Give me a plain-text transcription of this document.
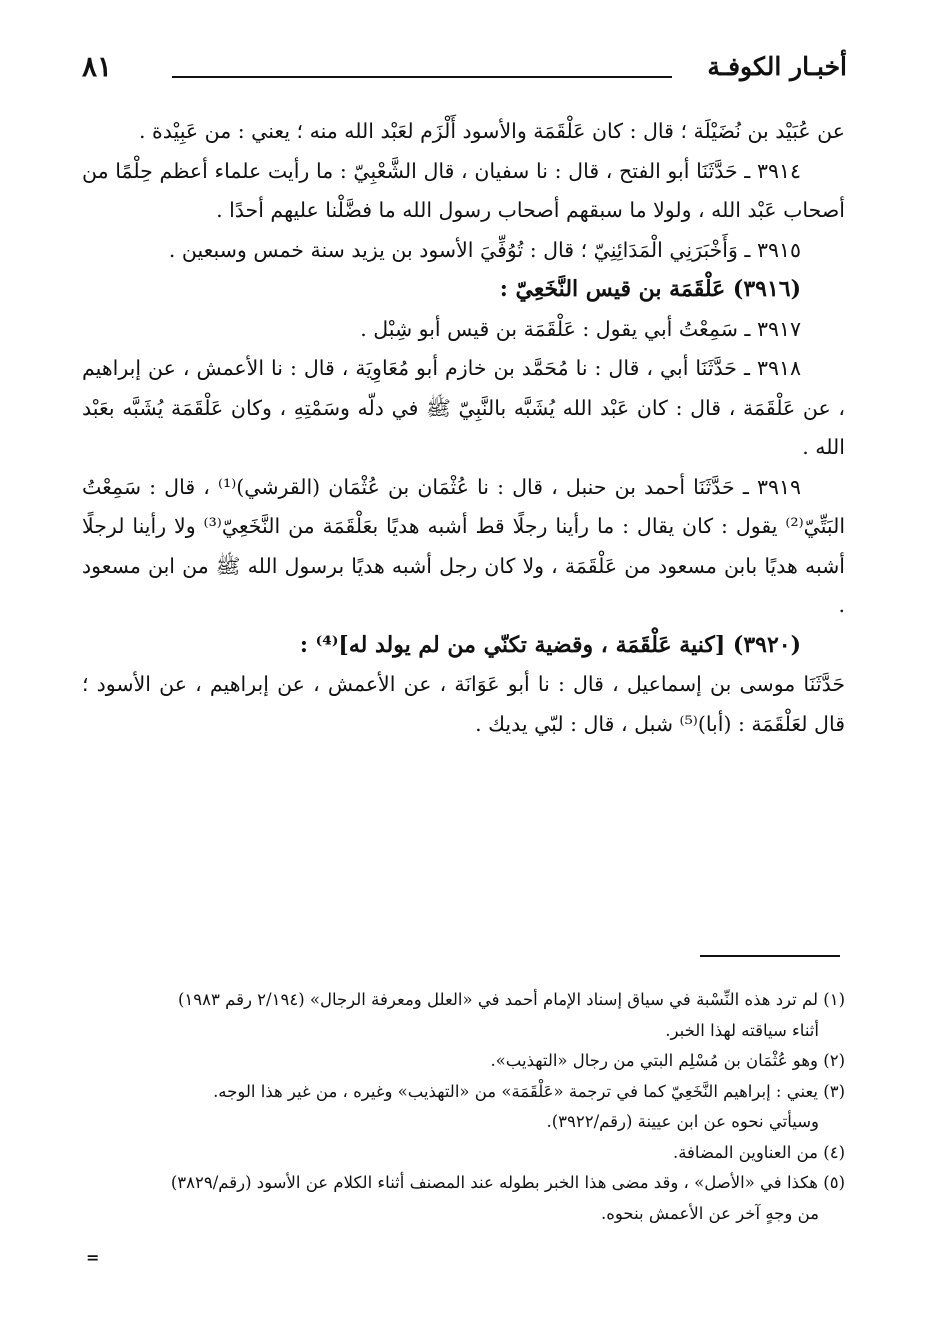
أخبـار الكوفـة
٨١

عن عُبَيْد بن نُضَيْلَة ؛ قال : كان عَلْقَمَة والأسود أَلْزَم لعَبْد الله منه ؛ يعني : من عَبِيْدة .

٣٩١٤ ـ حَدَّثَنَا أبو الفتح ، قال : نا سفيان ، قال الشَّعْبِيّ : ما رأيت علماء أعظم حِلْمًا من أصحاب عَبْد الله ، ولولا ما سبقهم أصحاب رسول الله ما فضَّلْنا عليهم أحدًا .

٣٩١٥ ـ وَأَخْبَرَنِي الْمَدَائِنِيّ ؛ قال : تُوُفِّيَ الأسود بن يزيد سنة خمس وسبعين .

(٣٩١٦) عَلْقَمَة بن قيس النَّخَعِيّ :

٣٩١٧ ـ سَمِعْتُ أبي يقول : عَلْقَمَة بن قيس أبو شِبْل .

٣٩١٨ ـ حَدَّثَنَا أبي ، قال : نا مُحَمَّد بن خازم أبو مُعَاوِيَة ، قال : نا الأعمش ، عن إبراهيم ، عن عَلْقَمَة ، قال : كان عَبْد الله يُشَبَّه بالنَّبِيّ ﷺ في دلّه وسَمْتِهِ ، وكان عَلْقَمَة يُشَبَّه بعَبْد الله .

٣٩١٩ ـ حَدَّثَنَا أحمد بن حنبل ، قال : نا عُثْمَان بن عُثْمَان (القرشي)⁽¹⁾ ، قال : سَمِعْتُ البَتِّيّ⁽²⁾ يقول : كان يقال : ما رأينا رجلًا قط أشبه هديًا بعَلْقَمَة من النَّخَعِيّ⁽³⁾ ولا رأينا لرجلًا أشبه هديًا بابن مسعود من عَلْقَمَة ، ولا كان رجل أشبه هديًا برسول الله ﷺ من ابن مسعود .

(٣٩٢٠) [كنية عَلْقَمَة ، وقضية تكنّي من لم يولد له]⁽⁴⁾ :

حَدَّثَنَا موسى بن إسماعيل ، قال : نا أبو عَوَانَة ، عن الأعمش ، عن إبراهيم ، عن الأسود ؛ قال لعَلْقَمَة : (أبا)⁽⁵⁾ شبل ، قال : لبّي يديك .

(١) لم ترد هذه النِّسْبة في سياق إسناد الإمام أحمد في «العلل ومعرفة الرجال» (٢/١٩٤ رقم ١٩٨٣)

أثناء سياقته لهذا الخبر.

(٢) وهو عُثْمَان بن مُسْلِم البتي من رجال «التهذيب».

(٣) يعني : إبراهيم النَّخَعِيّ كما في ترجمة «عَلْقَمَة» من «التهذيب» وغيره ، من غير هذا الوجه.

وسيأتي نحوه عن ابن عيينة (رقم/٣٩٢٢).

(٤) من العناوين المضافة.

(٥) هكذا في «الأصل» ، وقد مضى هذا الخبر بطوله عند المصنف أثناء الكلام عن الأسود (رقم/٣٨٢٩)

من وجهٍ آخر عن الأعمش بنحوه.

=
